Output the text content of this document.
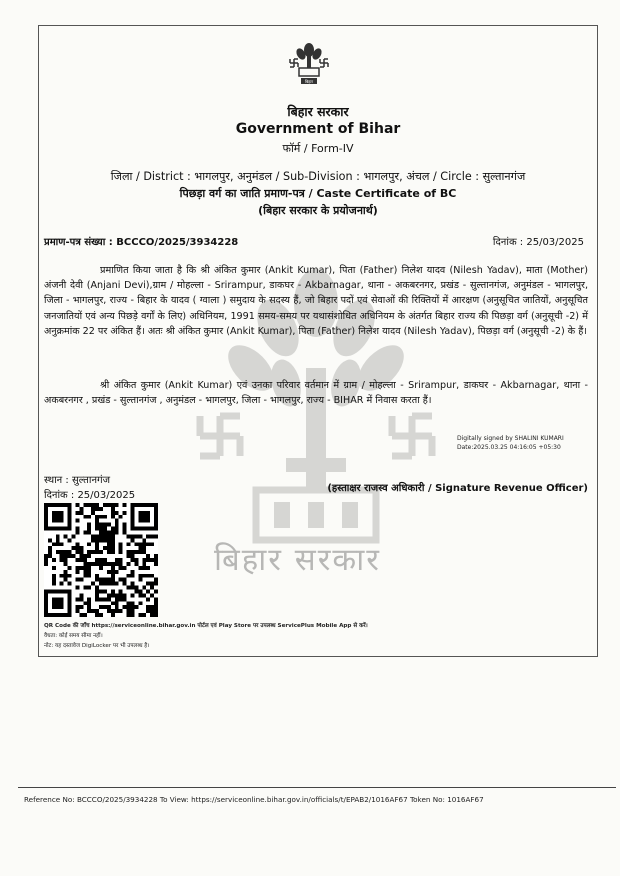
बिहार सरकार
बिहार
बिहार सरकार
Government of Bihar
फॉर्म / Form-IV
जिला / District : भागलपुर, अनुमंडल / Sub-Division : भागलपुर, अंचल / Circle : सुल्तानगंज
पिछड़ा वर्ग का जाति प्रमाण-पत्र / Caste Certificate of BC
(बिहार सरकार के प्रयोजनार्थ)
प्रमाण-पत्र संख्या : BCCCO/2025/3934228	दिनांक : 25/03/2025

प्रमाणित किया जाता है कि श्री अंकित कुमार (Ankit Kumar), पिता (Father) निलेश यादव (Nilesh Yadav), माता (Mother) अंजनी देवी (Anjani Devi),ग्राम / मोहल्ला - Srirampur, डाकघर - Akbarnagar, थाना - अकबरनगर, प्रखंड - सुल्तानगंज, अनुमंडल - भागलपुर, जिला - भागलपुर, राज्य - बिहार के यादव ( ग्वाला ) समुदाय के सदस्य हैं, जो बिहार पदों एवं सेवाओं की रिक्तियों में आरक्षण (अनुसूचित जातियों, अनुसूचित जनजातियों एवं अन्य पिछड़े वर्गों के लिए) अधिनियम, 1991 समय-समय पर यथासंशोधित अधिनियम के अंतर्गत बिहार राज्य की पिछड़ा वर्ग (अनुसूची -2) में अनुक्रमांक 22 पर अंकित हैं। अतः श्री अंकित कुमार (Ankit Kumar), पिता (Father) निलेश यादव (Nilesh Yadav), पिछड़ा वर्ग (अनुसूची -2) के हैं।

श्री अंकित कुमार (Ankit Kumar) एवं उनका परिवार वर्तमान में ग्राम / मोहल्ला - Srirampur, डाकघर - Akbarnagar, थाना - अकबरनगर , प्रखंड - सुल्तानगंज , अनुमंडल - भागलपुर, जिला - भागलपुर, राज्य - BIHAR में निवास करता हैं।

Digitally signed by SHALINI KUMARI
Date:2025.03.25 04:16:05 +05:30
स्थान : सुल्तानगंज
दिनांक : 25/03/2025
(हस्ताक्षर राजस्व अधिकारी / Signature Revenue Officer)
QR Code की जाँच https://serviceonline.bihar.gov.in पोर्टल एवं Play Store पर उपलब्ध ServicePlus Mobile App से करें।
वैधता: कोई समय सीमा नहीं।
नोट: यह दस्तावेज DigiLocker पर भी उपलब्ध है।
Reference No: BCCCO/2025/3934228 To View: https://serviceonline.bihar.gov.in/officials/t/EPAB2/1016AF67 Token No: 1016AF67
